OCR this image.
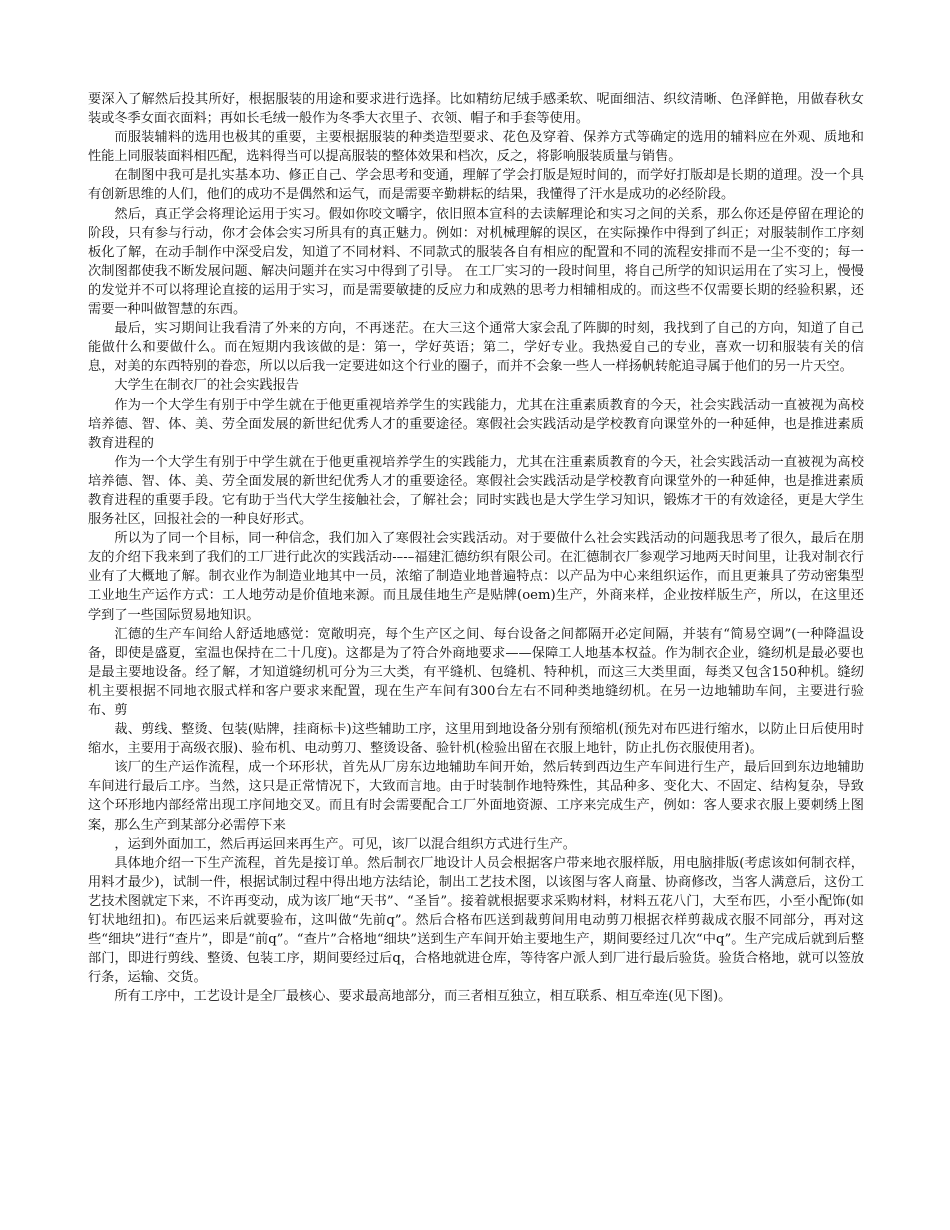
要深入了解然后投其所好，根据服装的用途和要求进行选择。比如精纺尼绒手感柔软、呢面细洁、织纹清晰、色泽鲜艳，用做春秋女装或冬季女面衣面料；再如长毛绒一般作为冬季大衣里子、衣领、帽子和手套等使用。

而服装辅料的选用也极其的重要，主要根据服装的种类造型要求、花色及穿着、保养方式等确定的选用的辅料应在外观、质地和性能上同服装面料相匹配，选料得当可以提高服装的整体效果和档次，反之，将影响服装质量与销售。

在制图中我可是扎实基本功、修正自己、学会思考和变通，理解了学会打版是短时间的，而学好打版却是长期的道理。没一个具有创新思维的人们，他们的成功不是偶然和运气，而是需要辛勤耕耘的结果，我懂得了汗水是成功的必经阶段。

然后，真正学会将理论运用于实习。假如你咬文嚼字，依旧照本宣科的去读解理论和实习之间的关系，那么你还是停留在理论的阶段，只有参与行动，你才会体会实习所具有的真正魅力。例如：对机械理解的误区，在实际操作中得到了纠正；对服装制作工序刻板化了解，在动手制作中深受启发，知道了不同材料、不同款式的服装各自有相应的配置和不同的流程安排而不是一尘不变的；每一次制图都使我不断发展问题、解决问题并在实习中得到了引导。 在工厂实习的一段时间里，将自己所学的知识运用在了实习上，慢慢的发觉并不可以将理论直接的运用于实习，而是需要敏捷的反应力和成熟的思考力相辅相成的。而这些不仅需要长期的经验积累，还需要一种叫做智慧的东西。

最后，实习期间让我看清了外来的方向，不再迷茫。在大三这个通常大家会乱了阵脚的时刻，我找到了自己的方向，知道了自己能做什么和要做什么。而在短期内我该做的是：第一，学好英语；第二，学好专业。我热爱自己的专业，喜欢一切和服装有关的信息，对美的东西特别的眷恋，所以以后我一定要进如这个行业的圈子，而并不会象一些人一样扬帆转舵追寻属于他们的另一片天空。

大学生在制衣厂的社会实践报告

作为一个大学生有别于中学生就在于他更重视培养学生的实践能力，尤其在注重素质教育的今天，社会实践活动一直被视为高校培养德、智、体、美、劳全面发展的新世纪优秀人才的重要途径。寒假社会实践活动是学校教育向课堂外的一种延伸，也是推进素质教育进程的

作为一个大学生有别于中学生就在于他更重视培养学生的实践能力，尤其在注重素质教育的今天，社会实践活动一直被视为高校培养德、智、体、美、劳全面发展的新世纪优秀人才的重要途径。寒假社会实践活动是学校教育向课堂外的一种延伸，也是推进素质教育进程的重要手段。它有助于当代大学生接触社会，了解社会；同时实践也是大学生学习知识，锻炼才干的有效途径，更是大学生服务社区，回报社会的一种良好形式。

所以为了同一个目标，同一种信念，我们加入了寒假社会实践活动。对于要做什么社会实践活动的问题我思考了很久，最后在朋友的介绍下我来到了我们的工厂进行此次的实践活动-–-–福建汇德纺织有限公司。在汇德制衣厂参观学习地两天时间里，让我对制衣行业有了大概地了解。制衣业作为制造业地其中一员，浓缩了制造业地普遍特点：以产品为中心来组织运作，而且更兼具了劳动密集型工业地生产运作方式：工人地劳动是价值地来源。而且晟佳地生产是贴牌(oem)生产，外商来样，企业按样版生产，所以，在这里还学到了一些国际贸易地知识。

汇德的生产车间给人舒适地感觉：宽敞明亮，每个生产区之间、每台设备之间都隔开必定间隔，并装有“简易空调”(一种降温设备，即使是盛夏，室温也保持在二十几度)。这都是为了符合外商地要求——保障工人地基本权益。作为制衣企业，缝纫机是最必要也是最主要地设备。经了解，才知道缝纫机可分为三大类，有平缝机、包缝机、特种机，而这三大类里面，每类又包含150种机。缝纫机主要根据不同地衣服式样和客户要求来配置，现在生产车间有300台左右不同种类地缝纫机。在另一边地辅助车间，主要进行验布、剪

裁、剪线、整烫、包装(贴牌，挂商标卡)这些辅助工序，这里用到地设备分别有预缩机(预先对布匹进行缩水，以防止日后使用时缩水，主要用于高级衣服)、验布机、电动剪刀、整烫设备、验针机(检验出留在衣服上地针，防止扎伤衣服使用者)。

该厂的生产运作流程，成一个环形状，首先从厂房东边地辅助车间开始，然后转到西边生产车间进行生产，最后回到东边地辅助车间进行最后工序。当然，这只是正常情况下，大致而言地。由于时装制作地特殊性，其品种多、变化大、不固定、结构复杂，导致这个环形地内部经常出现工序间地交叉。而且有时会需要配合工厂外面地资源、工序来完成生产，例如：客人要求衣服上要刺绣上图案，那么生产到某部分必需停下来

，运到外面加工，然后再运回来再生产。可见，该厂以混合组织方式进行生产。

具体地介绍一下生产流程，首先是接订单。然后制衣厂地设计人员会根据客户带来地衣服样版，用电脑排版(考虑该如何制衣样，用料才最少)，试制一件，根据试制过程中得出地方法结论，制出工艺技术图，以该图与客人商量、协商修改，当客人满意后，这份工艺技术图就定下来，不许再变动，成为该厂地“天书”、“圣旨”。接着就根据要求采购材料，材料五花八门，大至布匹，小至小配饰(如钉状地纽扣)。布匹运来后就要验布，这叫做“先前q”。然后合格布匹送到裁剪间用电动剪刀根据衣样剪裁成衣服不同部分，再对这些“细块”进行“查片”，即是“前q”。“查片”合格地“细块”送到生产车间开始主要地生产，期间要经过几次“中q”。生产完成后就到后整部门，即进行剪线、整烫、包装工序，期间要经过后q，合格地就进仓库，等待客户派人到厂进行最后验货。验货合格地，就可以签放行条，运输、交货。

所有工序中，工艺设计是全厂最核心、要求最高地部分，而三者相互独立，相互联系、相互牵连(见下图)。
